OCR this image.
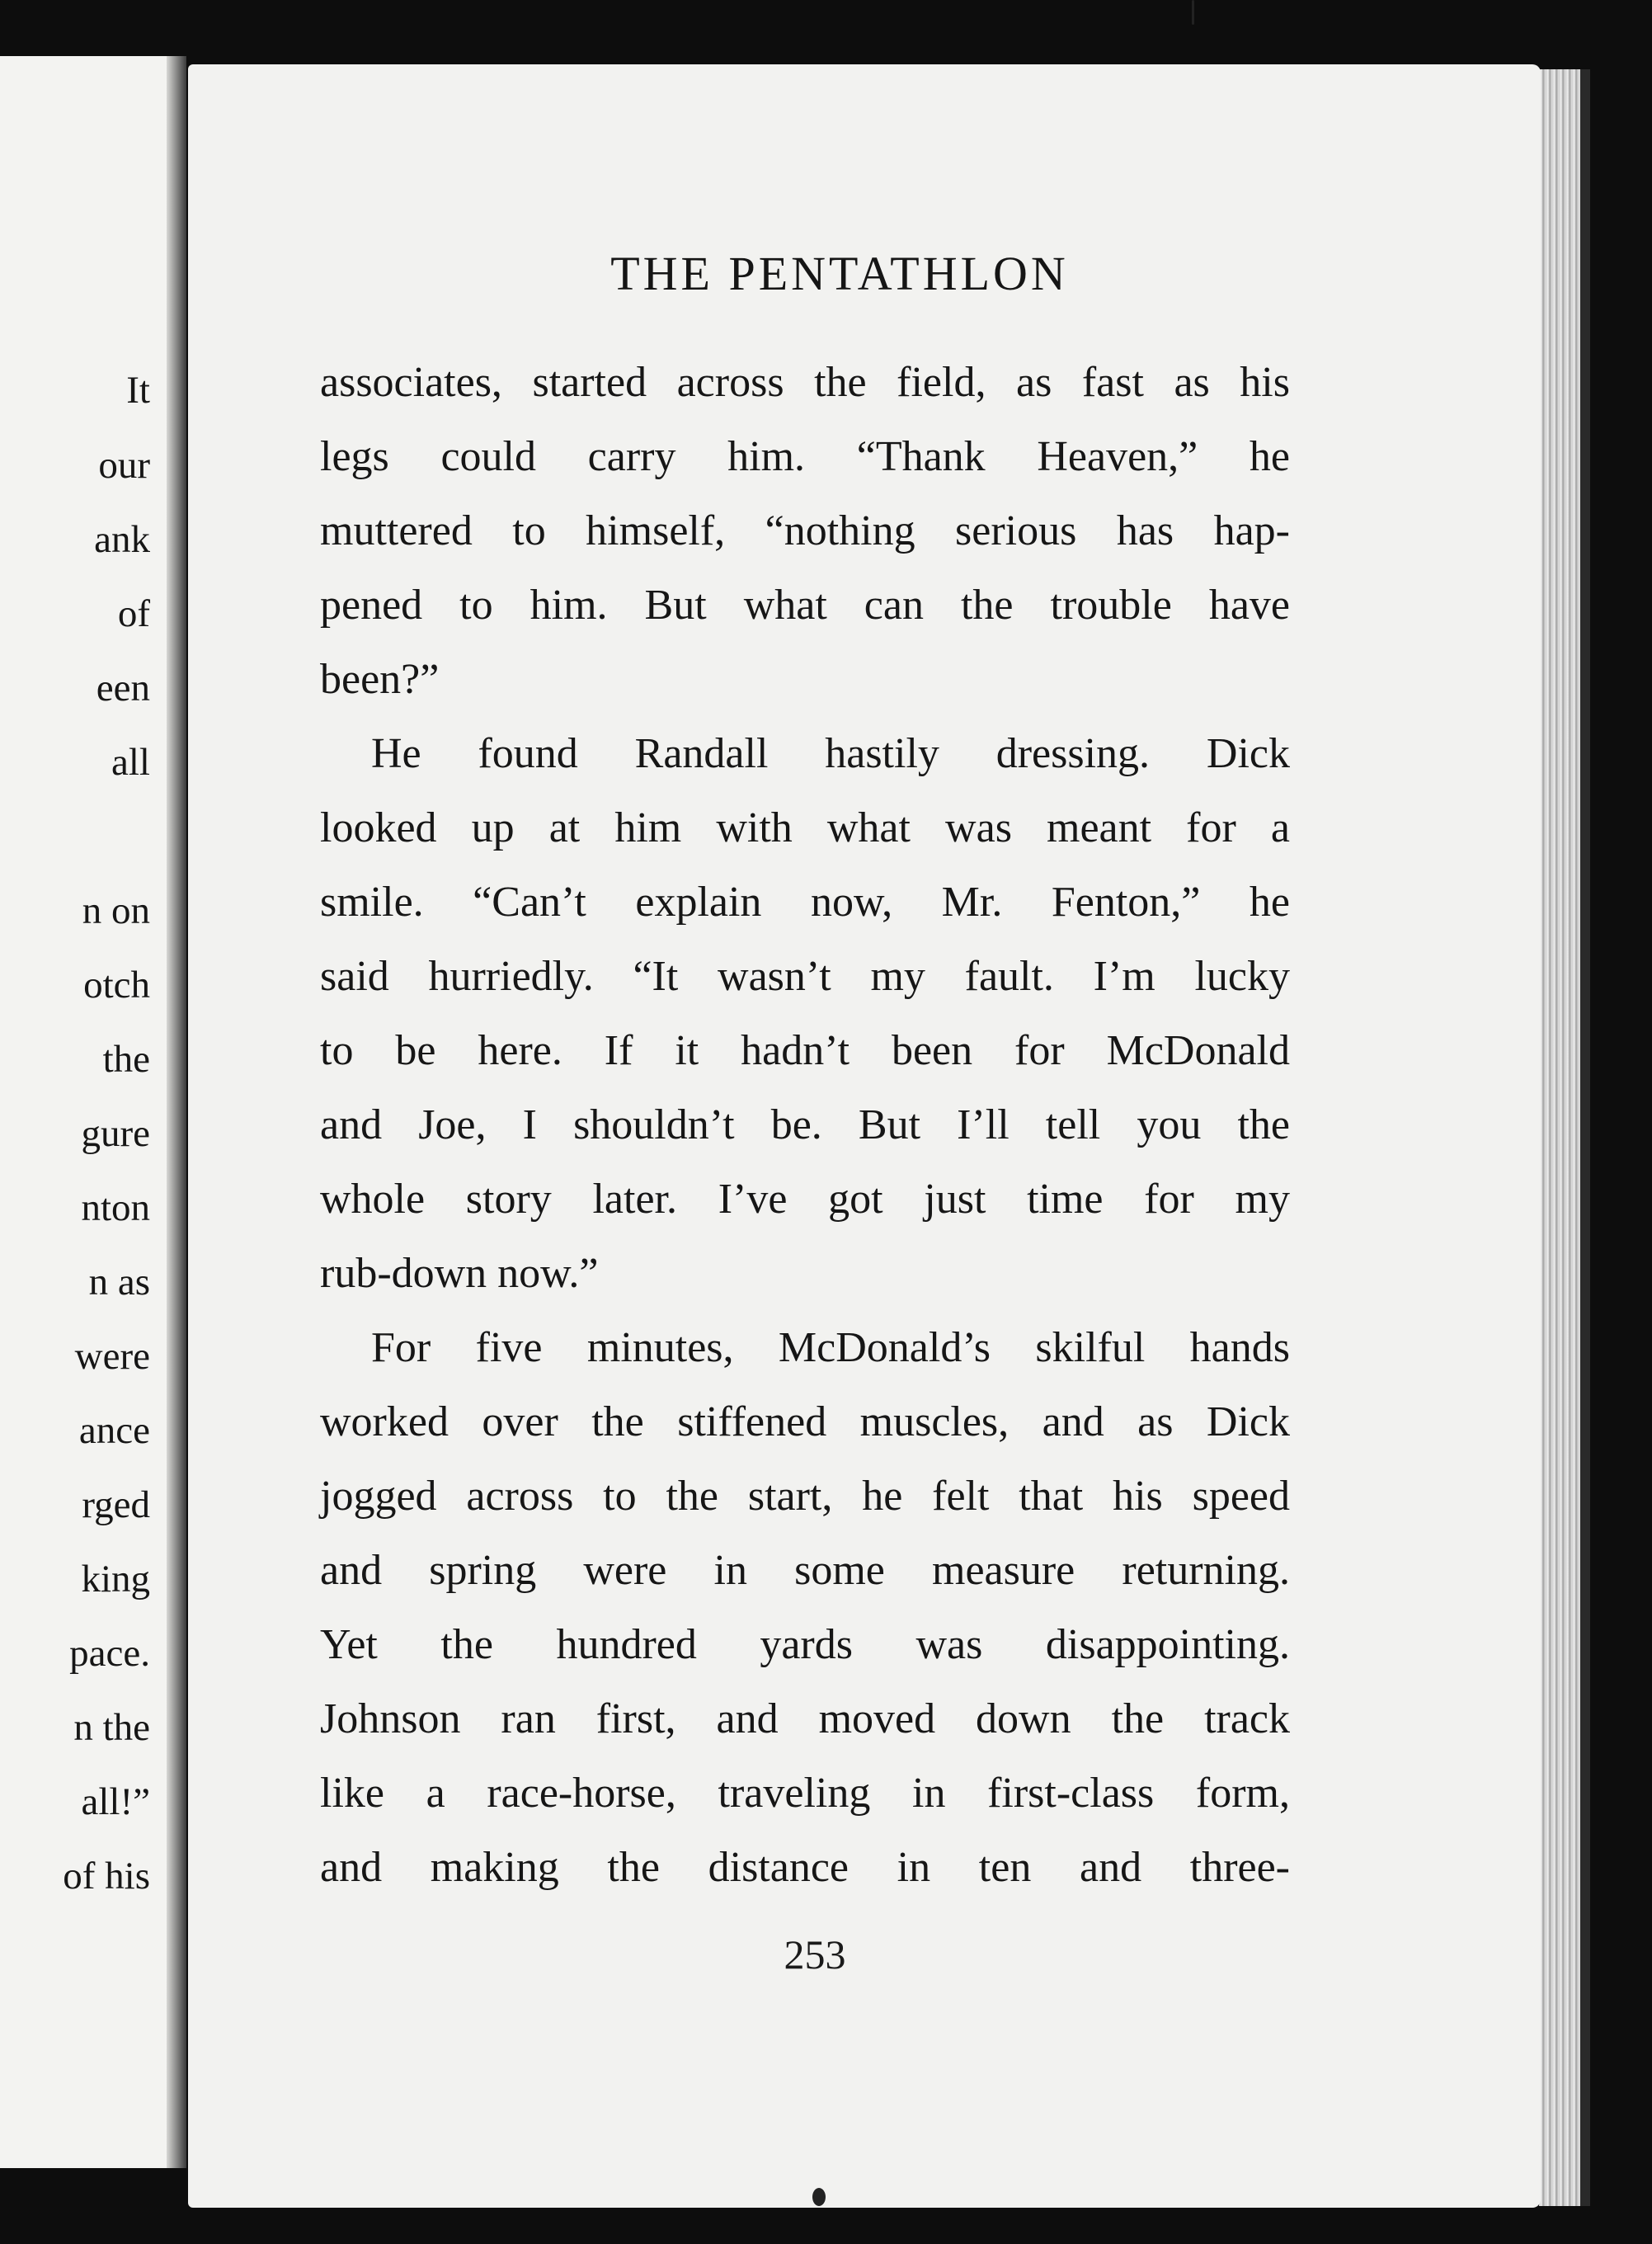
It
our
ank
of
een
all
n on
otch
the
gure
nton
n as
were
ance
rged
king
pace.
n the
all!”
of his
THE PENTATHLON
associates, started across the field, as fast as his
legs could carry him. “Thank Heaven,” he
muttered to himself, “nothing serious has hap-
pened to him. But what can the trouble have
been?”
He found Randall hastily dressing. Dick
looked up at him with what was meant for a
smile. “Can’t explain now, Mr. Fenton,” he
said hurriedly. “It wasn’t my fault. I’m lucky
to be here. If it hadn’t been for McDonald
and Joe, I shouldn’t be. But I’ll tell you the
whole story later. I’ve got just time for my
rub-down now.”
For five minutes, McDonald’s skilful hands
worked over the stiffened muscles, and as Dick
jogged across to the start, he felt that his speed
and spring were in some measure returning.
Yet the hundred yards was disappointing.
Johnson ran first, and moved down the track
like a race-horse, traveling in first-class form,
and making the distance in ten and three-
253
